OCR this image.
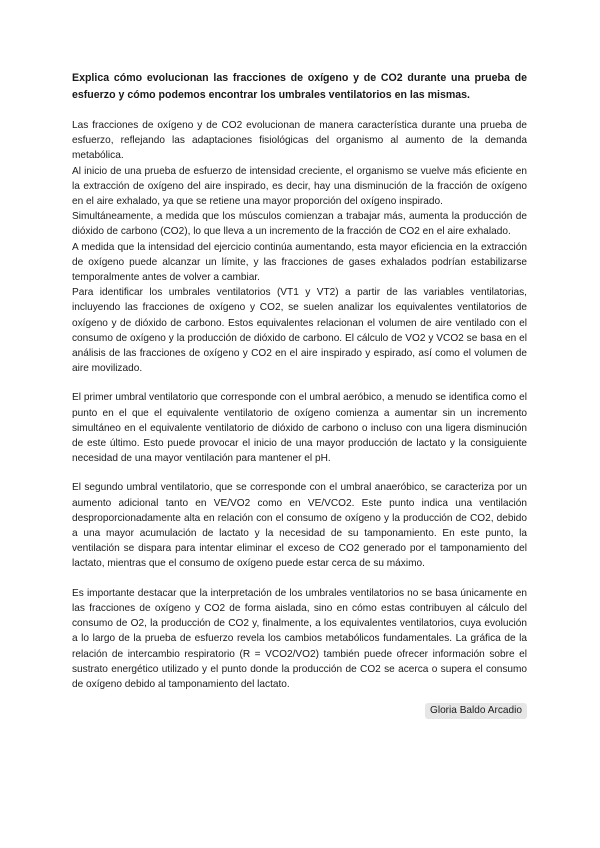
Explica cómo evolucionan las fracciones de oxígeno y de CO2 durante una prueba de esfuerzo y cómo podemos encontrar los umbrales ventilatorios en las mismas.

Las fracciones de oxígeno y de CO2 evolucionan de manera característica durante una prueba de esfuerzo, reflejando las adaptaciones fisiológicas del organismo al aumento de la demanda metabólica.

Al inicio de una prueba de esfuerzo de intensidad creciente, el organismo se vuelve más eficiente en la extracción de oxígeno del aire inspirado, es decir, hay una disminución de la fracción de oxígeno en el aire exhalado, ya que se retiene una mayor proporción del oxígeno inspirado.

Simultáneamente, a medida que los músculos comienzan a trabajar más, aumenta la producción de dióxido de carbono (CO2), lo que lleva a un incremento de la fracción de CO2 en el aire exhalado.

A medida que la intensidad del ejercicio continúa aumentando, esta mayor eficiencia en la extracción de oxígeno puede alcanzar un límite, y las fracciones de gases exhalados podrían estabilizarse temporalmente antes de volver a cambiar.

Para identificar los umbrales ventilatorios (VT1 y VT2) a partir de las variables ventilatorias, incluyendo las fracciones de oxígeno y CO2, se suelen analizar los equivalentes ventilatorios de oxígeno y de dióxido de carbono. Estos equivalentes relacionan el volumen de aire ventilado con el consumo de oxígeno y la producción de dióxido de carbono. El cálculo de VO2 y VCO2 se basa en el análisis de las fracciones de oxígeno y CO2 en el aire inspirado y espirado, así como el volumen de aire movilizado.

El primer umbral ventilatorio que corresponde con el umbral aeróbico, a menudo se identifica como el punto en el que el equivalente ventilatorio de oxígeno comienza a aumentar sin un incremento simultáneo en el equivalente ventilatorio de dióxido de carbono o incluso con una ligera disminución de este último. Esto puede provocar el inicio de una mayor producción de lactato y la consiguiente necesidad de una mayor ventilación para mantener el pH.

El segundo umbral ventilatorio, que se corresponde con el umbral anaeróbico, se caracteriza por un aumento adicional tanto en VE/VO2 como en VE/VCO2. Este punto indica una ventilación desproporcionadamente alta en relación con el consumo de oxígeno y la producción de CO2, debido a una mayor acumulación de lactato y la necesidad de su tamponamiento. En este punto, la ventilación se dispara para intentar eliminar el exceso de CO2 generado por el tamponamiento del lactato, mientras que el consumo de oxígeno puede estar cerca de su máximo.

Es importante destacar que la interpretación de los umbrales ventilatorios no se basa únicamente en las fracciones de oxígeno y CO2 de forma aislada, sino en cómo estas contribuyen al cálculo del consumo de O2, la producción de CO2 y, finalmente, a los equivalentes ventilatorios, cuya evolución a lo largo de la prueba de esfuerzo revela los cambios metabólicos fundamentales. La gráfica de la relación de intercambio respiratorio (R = VCO2/VO2) también puede ofrecer información sobre el sustrato energético utilizado y el punto donde la producción de CO2 se acerca o supera el consumo de oxígeno debido al tamponamiento del lactato.

Gloria Baldo Arcadio
